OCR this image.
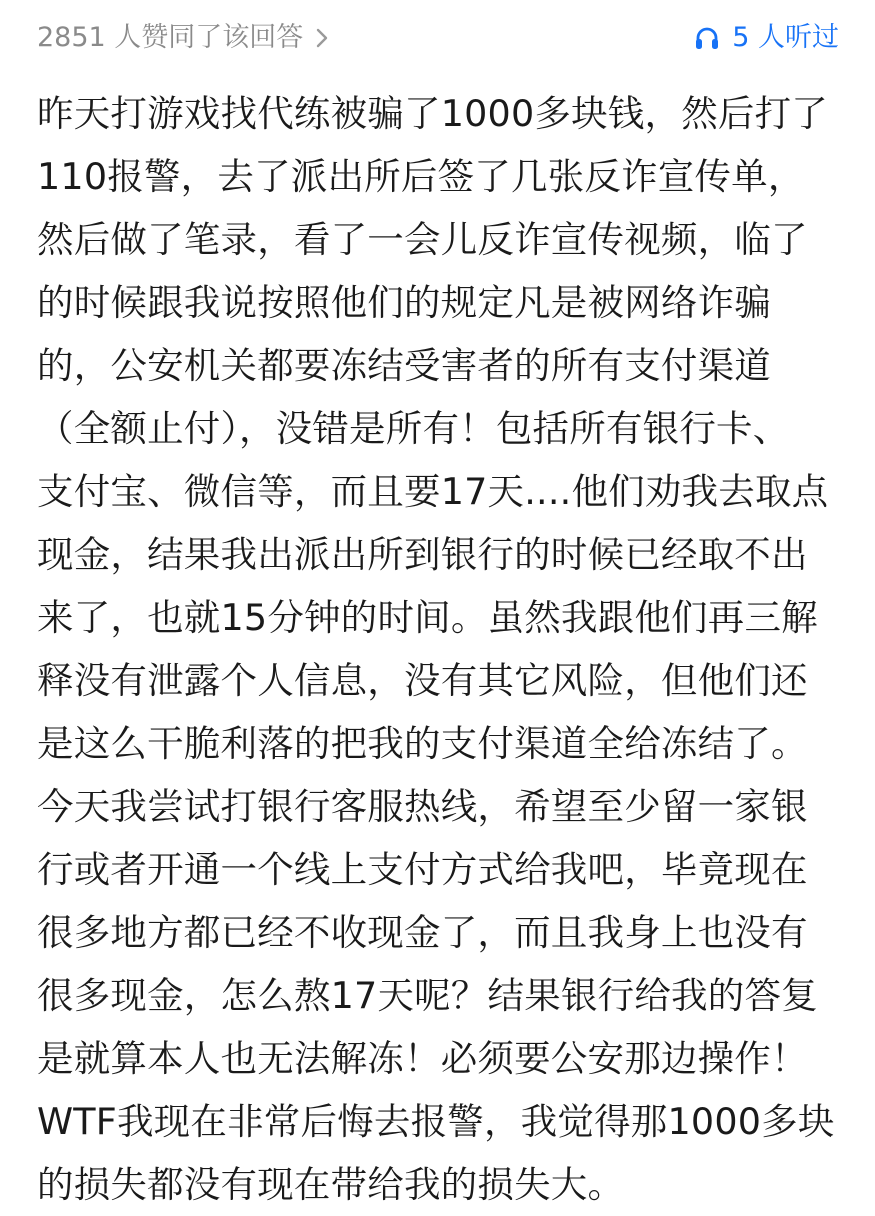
2851 人赞同了该回答	5 人听过
昨天打游戏找代练被骗了1000多块钱，然后打了
110报警，去了派出所后签了几张反诈宣传单，
然后做了笔录，看了一会儿反诈宣传视频，临了
的时候跟我说按照他们的规定凡是被网络诈骗
的，公安机关都要冻结受害者的所有支付渠道
（全额止付），没错是所有！包括所有银行卡、
支付宝、微信等，而且要17天....他们劝我去取点
现金，结果我出派出所到银行的时候已经取不出
来了，也就15分钟的时间。虽然我跟他们再三解
释没有泄露个人信息，没有其它风险，但他们还
是这么干脆利落的把我的支付渠道全给冻结了。
今天我尝试打银行客服热线，希望至少留一家银
行或者开通一个线上支付方式给我吧，毕竟现在
很多地方都已经不收现金了，而且我身上也没有
很多现金，怎么熬17天呢？结果银行给我的答复
是就算本人也无法解冻！必须要公安那边操作！
WTF我现在非常后悔去报警，我觉得那1000多块
的损失都没有现在带给我的损失大。
